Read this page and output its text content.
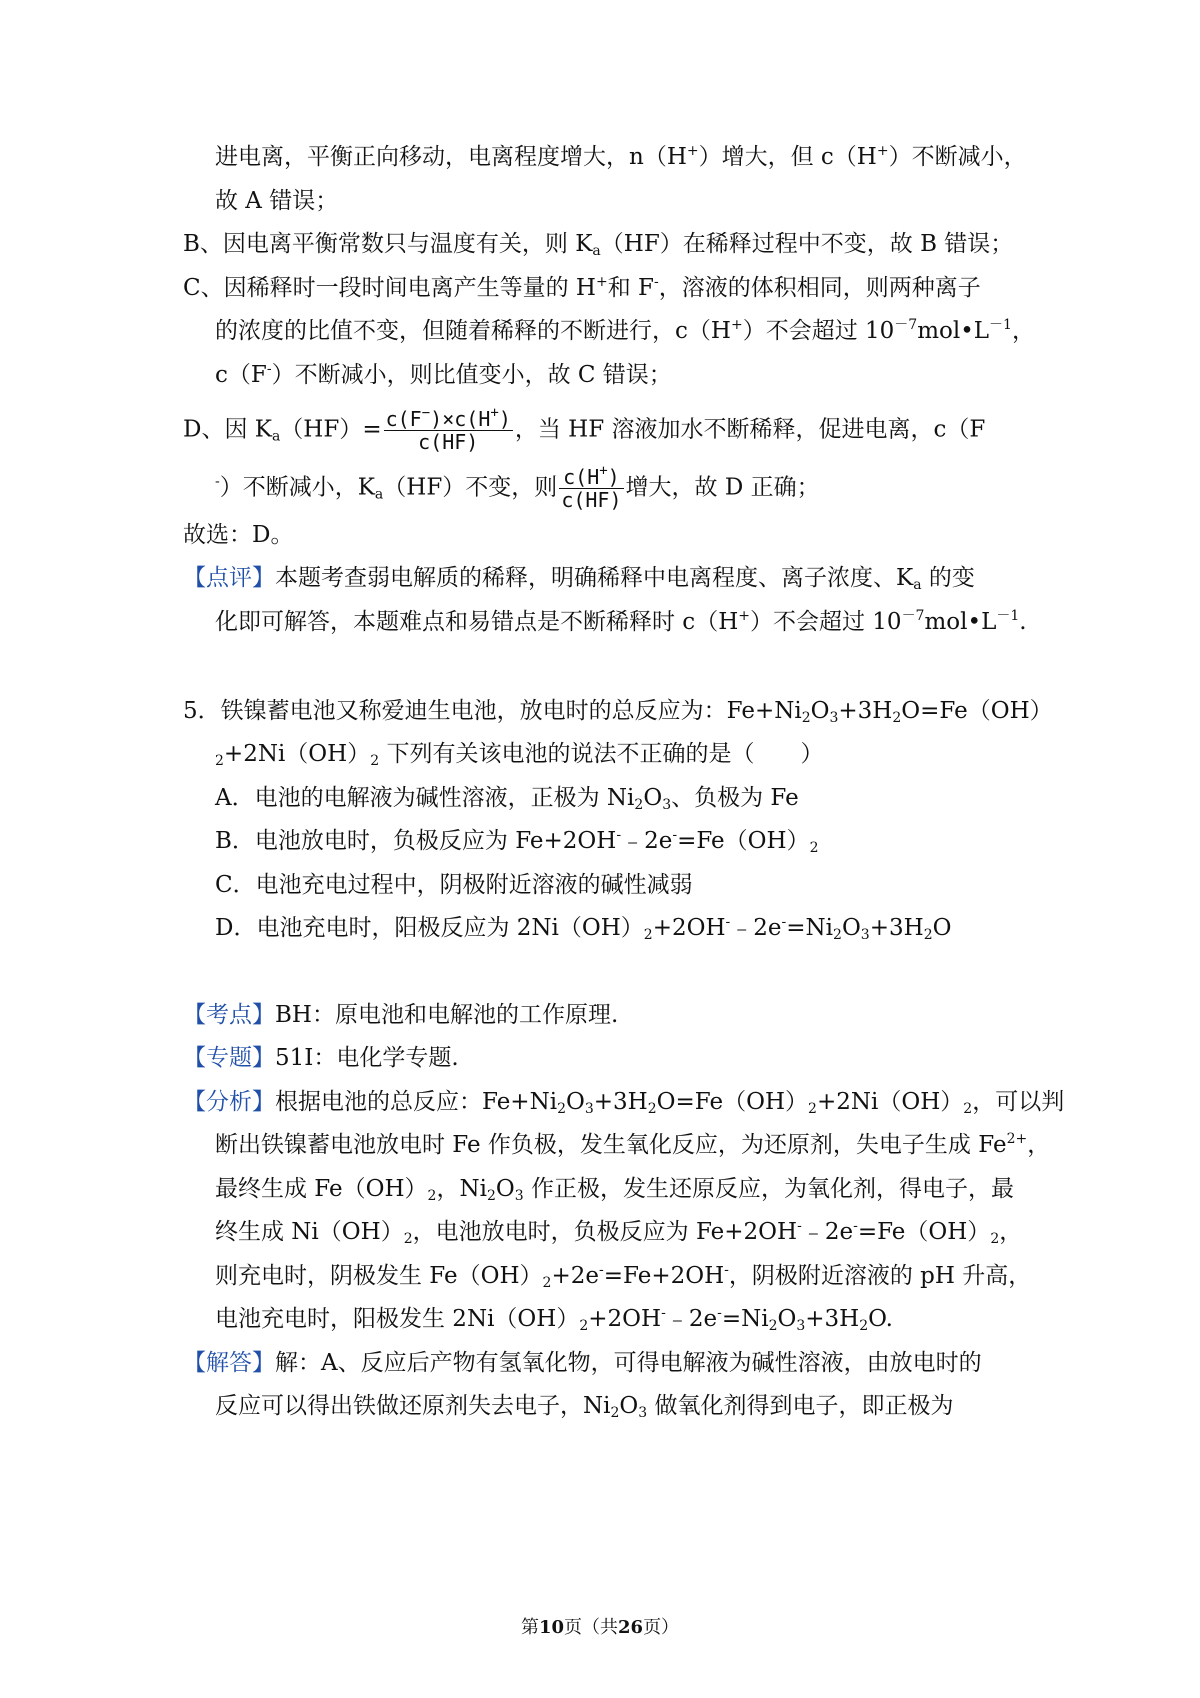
进电离，平衡正向移动，电离程度增大，n（H+）增大，但 c（H+）不断减小，
故 A 错误；
B、因电离平衡常数只与温度有关，则 $K_a(HF)$在稀释过程中不变，故 B 错误；
C、因稀释时一段时间电离产生等量的 H+和 F-，溶液的体积相同，则两种离子
的浓度的比值不变，但随着稀释的不断进行，c（H+）不会超过 $10^{-7}mol•L^{-1}$，
c（F-）不断减小，则比值变小，故 C 错误；
D、因 $K_a(HF)= \frac{c(F^-)\times c(H^+)}{c(HF)}$ ，当 HF 溶液加水不断稀释，促进电离，c（F
-）不断减小，$K_a(HF)$不变，则 $\frac{c(H^+)}{c(HF)}$ 增大，故 D 正确；
故选：D。
【点评】本题考查弱电解质的稀释，明确稀释中电离程度、离子浓度、$K_a$ 的变
化即可解答，本题难点和易错点是不断稀释时 c（H+）不会超过 $10^{-7}mol•L^{-1}$.
5．铁镍蓄电池又称爱迪生电池，放电时的总反应为：$Fe+Ni_2O_3+3H_2O=Fe(OH)$
$_2+2Ni(OH)_2$ 下列有关该电池的说法不正确的是（　　）
A．电池的电解液为碱性溶液，正极为 $Ni_2O_3$、负极为 Fe
B．电池放电时，负极反应为 $Fe+2OH^-﹣2e^-=Fe(OH)_2$
C．电池充电过程中，阴极附近溶液的碱性减弱
D．电池充电时，阳极反应为 $2Ni(OH)_2+2OH^-﹣2e^-=Ni_2O_3+3H_2O$
【考点】BH：原电池和电解池的工作原理.
【专题】51I：电化学专题.
【分析】根据电池的总反应：$Fe+Ni_2O_3+3H_2O=Fe(OH)_2+2Ni(OH)_2$，可以判
断出铁镍蓄电池放电时 Fe 作负极，发生氧化反应，为还原剂，失电子生成 $Fe^{2+}$，
最终生成 $Fe(OH)_2$，$Ni_2O_3$ 作正极，发生还原反应，为氧化剂，得电子，最
终生成 $Ni(OH)_2$，电池放电时，负极反应为 $Fe+2OH^-﹣2e^-=Fe(OH)_2$，
则充电时，阴极发生 $Fe(OH)_2+2e^-=Fe+2OH^-$，阴极附近溶液的 pH 升高，
电池充电时，阳极发生 $2Ni(OH)_2+2OH^-﹣2e^-=Ni_2O_3+3H_2O$.
【解答】解：A、反应后产物有氢氧化物，可得电解液为碱性溶液，由放电时的
反应可以得出铁做还原剂失去电子，$Ni_2O_3$ 做氧化剂得到电子，即正极为
第10页（共26页）
